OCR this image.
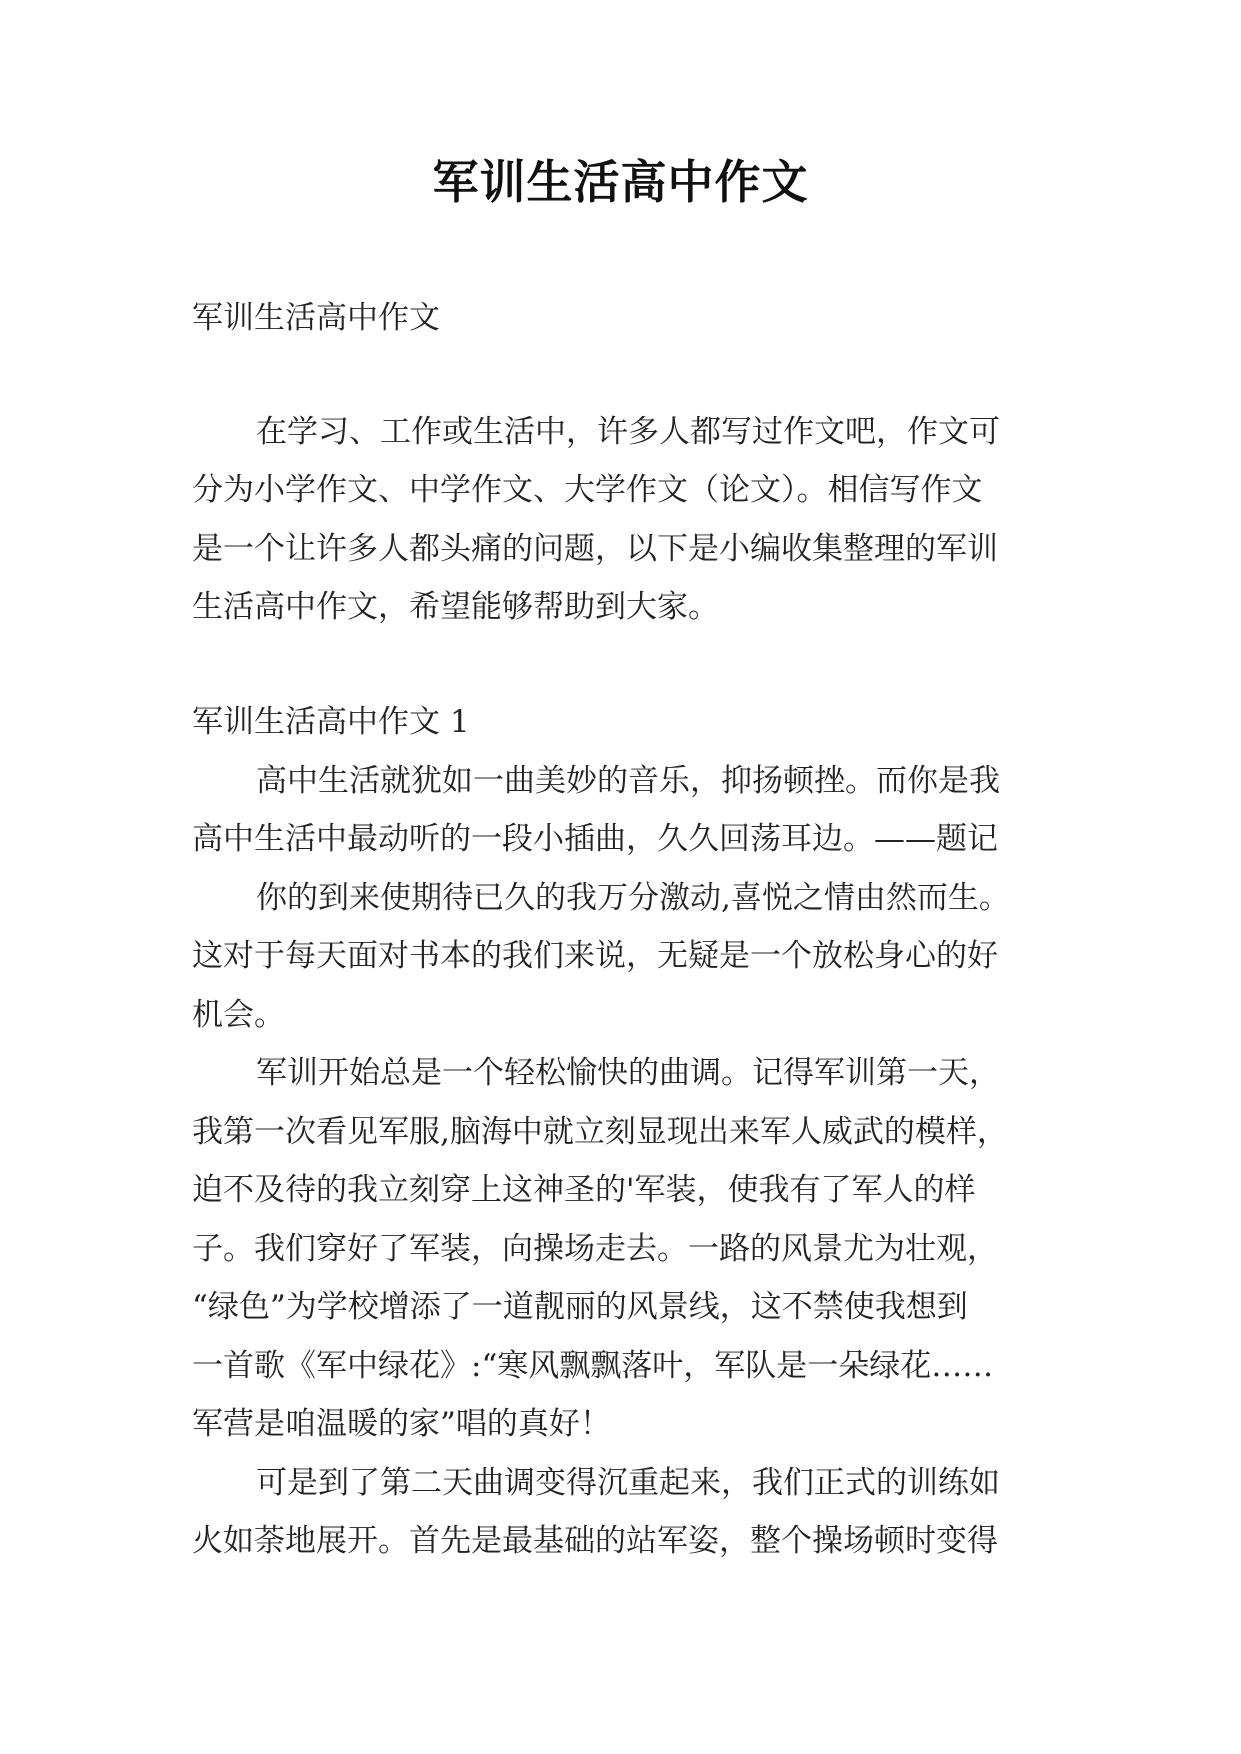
军训生活高中作文
军训生活高中作文
在学习、工作或生活中，许多人都写过作文吧，作文可
分为小学作文、中学作文、大学作文（论文）。相信写作文
是一个让许多人都头痛的问题，以下是小编收集整理的军训
生活高中作文，希望能够帮助到大家。
军训生活高中作文 1
高中生活就犹如一曲美妙的音乐，抑扬顿挫。而你是我
高中生活中最动听的一段小插曲，久久回荡耳边。——题记
你的到来使期待已久的我万分激动,喜悦之情由然而生。
这对于每天面对书本的我们来说，无疑是一个放松身心的好
机会。
军训开始总是一个轻松愉快的曲调。记得军训第一天，
我第一次看见军服,脑海中就立刻显现出来军人威武的模样，
迫不及待的我立刻穿上这神圣的'军装，使我有了军人的样
子。我们穿好了军装，向操场走去。一路的风景尤为壮观，
“绿色”为学校增添了一道靓丽的风景线，这不禁使我想到
一首歌《军中绿花》:“寒风飘飘落叶，军队是一朵绿花……
军营是咱温暖的家”唱的真好！
可是到了第二天曲调变得沉重起来，我们正式的训练如
火如荼地展开。首先是最基础的站军姿，整个操场顿时变得
